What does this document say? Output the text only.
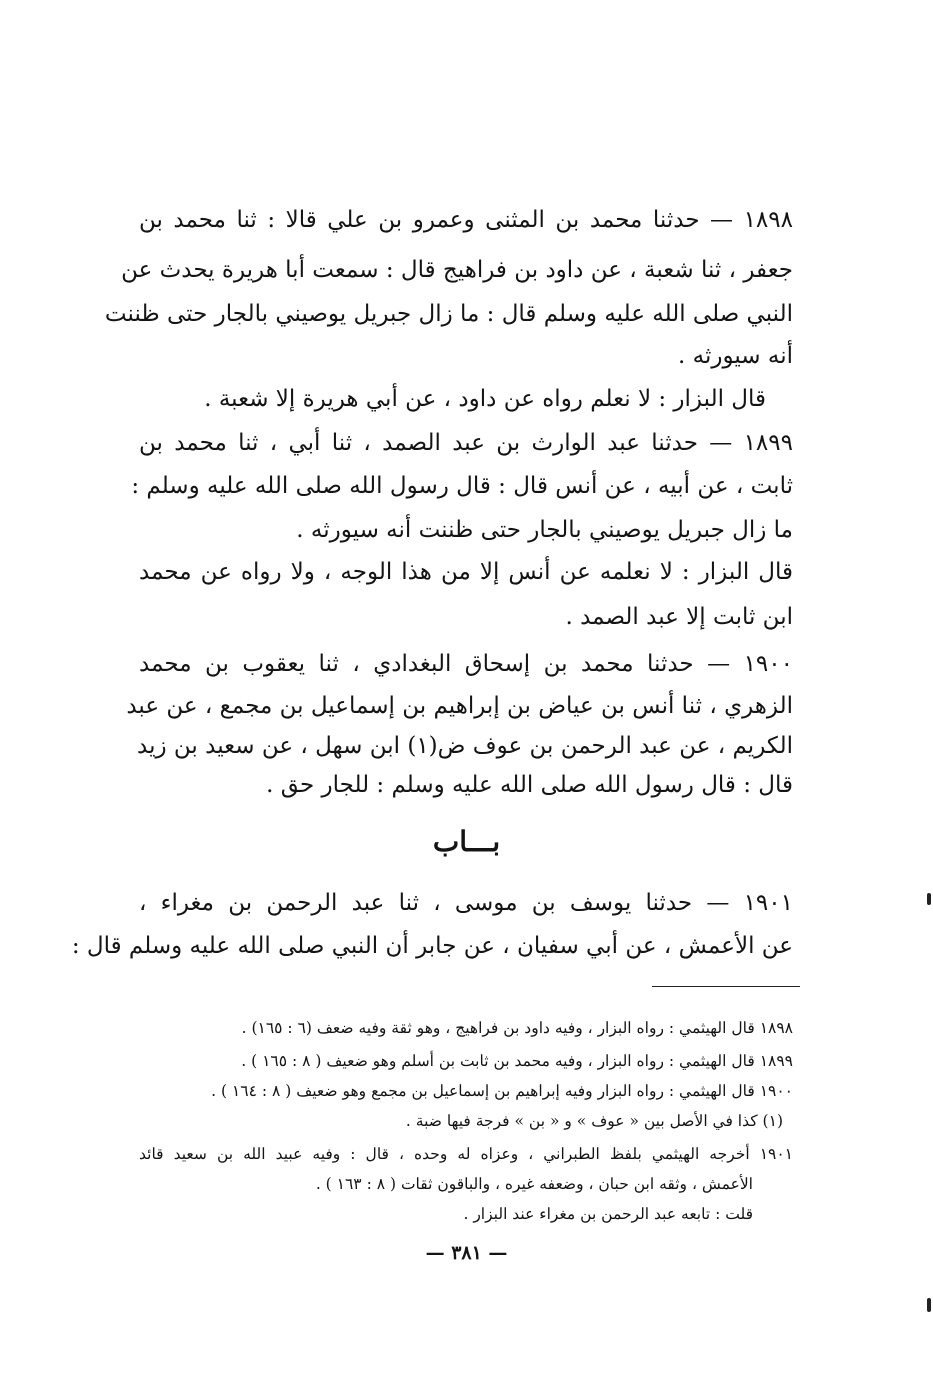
١٨٩٨ — حدثنا محمد بن المثنى وعمرو بن علي قالا : ثنا محمد بن
جعفر ، ثنا شعبة ، عن داود بن فراهيج قال : سمعت أبا هريرة يحدث عن
النبي صلى الله عليه وسلم قال : ما زال جبريل يوصيني بالجار حتى ظننت
أنه سيورثه .
قال البزار : لا نعلم رواه عن داود ، عن أبي هريرة إلا شعبة .
١٨٩٩ — حدثنا عبد الوارث بن عبد الصمد ، ثنا أبي ، ثنا محمد بن
ثابت ، عن أبيه ، عن أنس قال : قال رسول الله صلى الله عليه وسلم :
ما زال جبريل يوصيني بالجار حتى ظننت أنه سيورثه .
قال البزار : لا نعلمه عن أنس إلا من هذا الوجه ، ولا رواه عن محمد
ابن ثابت إلا عبد الصمد .
١٩٠٠ — حدثنا محمد بن إسحاق البغدادي ، ثنا يعقوب بن محمد
الزهري ، ثنا أنس بن عياض بن إبراهيم بن إسماعيل بن مجمع ، عن عبد
الكريم ، عن عبد الرحمن بن عوف ض(١) ابن سهل ، عن سعيد بن زيد
قال : قال رسول الله صلى الله عليه وسلم : للجار حق .
بـــاب
١٩٠١ — حدثنا يوسف بن موسى ، ثنا عبد الرحمن بن مغراء ،
عن الأعمش ، عن أبي سفيان ، عن جابر أن النبي صلى الله عليه وسلم قال :
١٨٩٨ قال الهيثمي : رواه البزار ، وفيه داود بن فراهيج ، وهو ثقة وفيه ضعف (٦ : ١٦٥) .
١٨٩٩ قال الهيثمي : رواه البزار ، وفيه محمد بن ثابت بن أسلم وهو ضعيف ( ٨ : ١٦٥ ) .
١٩٠٠ قال الهيثمي : رواه البزار وفيه إبراهيم بن إسماعيل بن مجمع وهو ضعيف ( ٨ : ١٦٤ ) .
(١) كذا في الأصل بين « عوف » و « بن » فرجة فيها ضبة .
١٩٠١ أخرجه الهيثمي بلفظ الطبراني ، وعزاه له وحده ، قال : وفيه عبيد الله بن سعيد قائد
الأعمش ، وثقه ابن حبان ، وضعفه غيره ، والباقون ثقات ( ٨ : ١٦٣ ) .
قلت : تابعه عبد الرحمن بن مغراء عند البزار .
— ٣٨١ —
